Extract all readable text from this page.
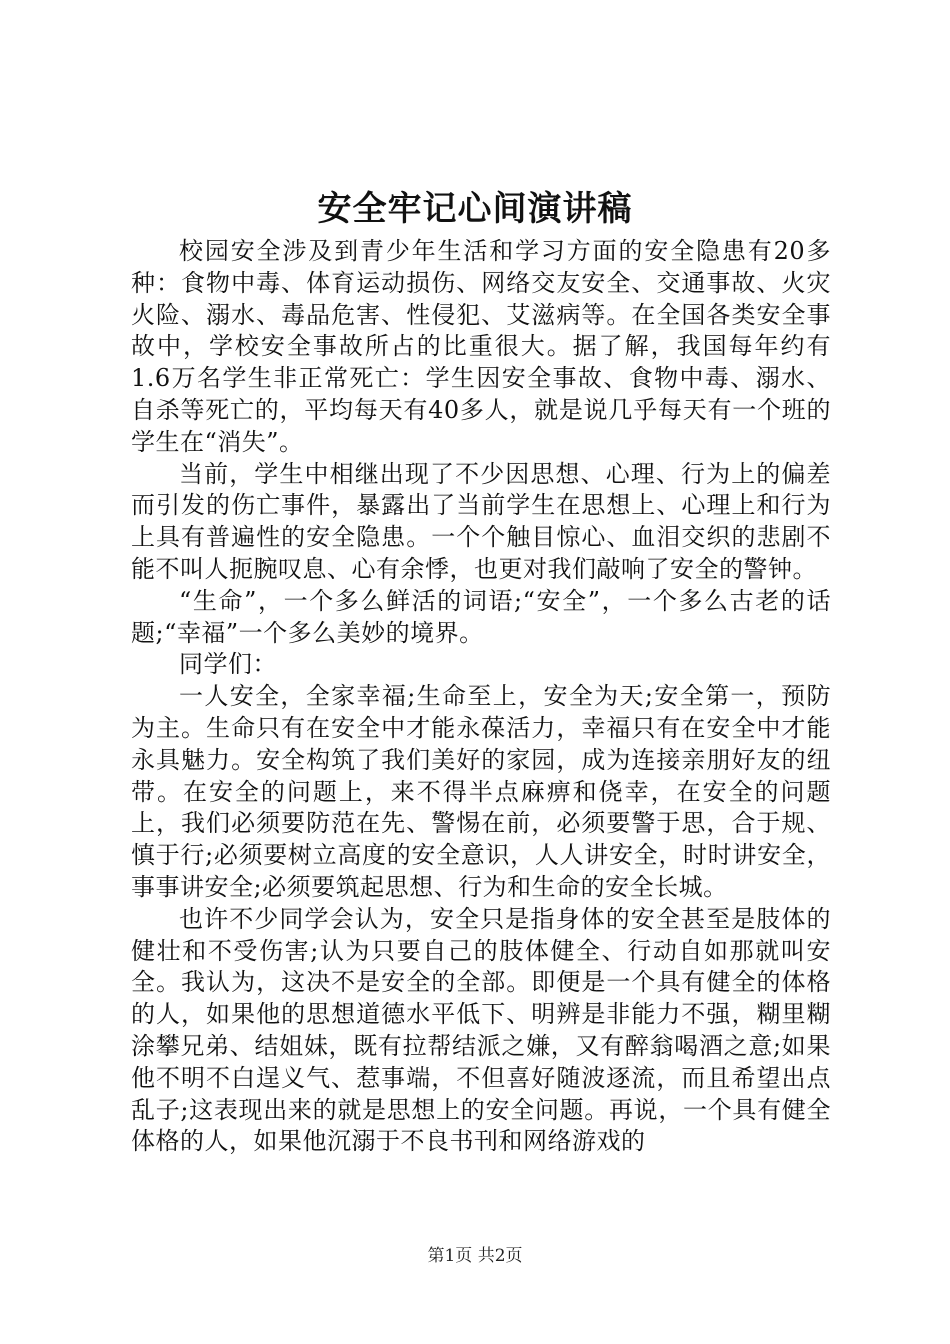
安全牢记心间演讲稿

校园安全涉及到青少年生活和学习方面的安全隐患有20多种：食物中毒、体育运动损伤、网络交友安全、交通事故、火灾火险、溺水、毒品危害、性侵犯、艾滋病等。在全国各类安全事故中，学校安全事故所占的比重很大。据了解，我国每年约有1.6万名学生非正常死亡：学生因安全事故、食物中毒、溺水、自杀等死亡的，平均每天有40多人，就是说几乎每天有一个班的学生在“消失”。

当前，学生中相继出现了不少因思想、心理、行为上的偏差而引发的伤亡事件，暴露出了当前学生在思想上、心理上和行为上具有普遍性的安全隐患。一个个触目惊心、血泪交织的悲剧不能不叫人扼腕叹息、心有余悸，也更对我们敲响了安全的警钟。

“生命”，一个多么鲜活的词语;“安全”，一个多么古老的话题;“幸福”一个多么美妙的境界。

同学们：

一人安全，全家幸福;生命至上，安全为天;安全第一，预防为主。生命只有在安全中才能永葆活力，幸福只有在安全中才能永具魅力。安全构筑了我们美好的家园，成为连接亲朋好友的纽带。在安全的问题上，来不得半点麻痹和侥幸，在安全的问题上，我们必须要防范在先、警惕在前，必须要警于思，合于规、慎于行;必须要树立高度的安全意识，人人讲安全，时时讲安全，事事讲安全;必须要筑起思想、行为和生命的安全长城。

也许不少同学会认为，安全只是指身体的安全甚至是肢体的健壮和不受伤害;认为只要自己的肢体健全、行动自如那就叫安全。我认为，这决不是安全的全部。即便是一个具有健全的体格的人，如果他的思想道德水平低下、明辨是非能力不强，糊里糊涂攀兄弟、结姐妹，既有拉帮结派之嫌，又有醉翁喝酒之意;如果他不明不白逞义气、惹事端，不但喜好随波逐流，而且希望出点乱子;这表现出来的就是思想上的安全问题。再说，一个具有健全体格的人，如果他沉溺于不良书刊和网络游戏的

第1页 共2页
